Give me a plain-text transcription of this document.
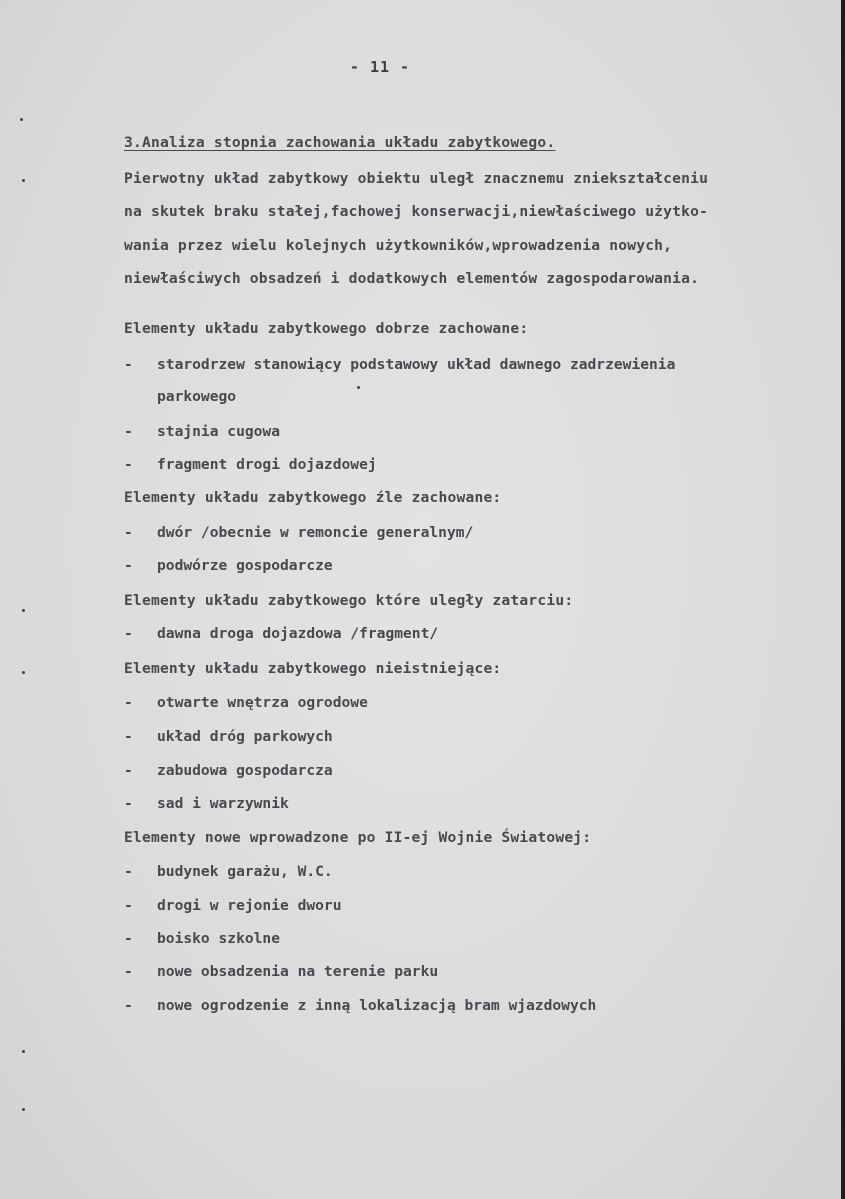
- 11 -
3.Analiza stopnia zachowania układu zabytkowego.
Pierwotny układ zabytkowy obiektu uległ znacznemu zniekształceniu
na skutek braku stałej,fachowej konserwacji,niewłaściwego użytko-
wania przez wielu kolejnych użytkowników,wprowadzenia nowych,
niewłaściwych obsadzeń i dodatkowych elementów zagospodarowania.
Elementy układu zabytkowego dobrze zachowane:
- starodrzew stanowiący podstawowy układ dawnego zadrzewienia
parkowego
- stajnia cugowa
- fragment drogi dojazdowej
Elementy układu zabytkowego źle zachowane:
- dwór /obecnie w remoncie generalnym/
- podwórze gospodarcze
Elementy układu zabytkowego które uległy zatarciu:
- dawna droga dojazdowa /fragment/
Elementy układu zabytkowego nieistniejące:
- otwarte wnętrza ogrodowe
- układ dróg parkowych
- zabudowa gospodarcza
- sad i warzywnik
Elementy nowe wprowadzone po II-ej Wojnie Światowej:
- budynek garażu, W.C.
- drogi w rejonie dworu
- boisko szkolne
- nowe obsadzenia na terenie parku
- nowe ogrodzenie z inną lokalizacją bram wjazdowych
